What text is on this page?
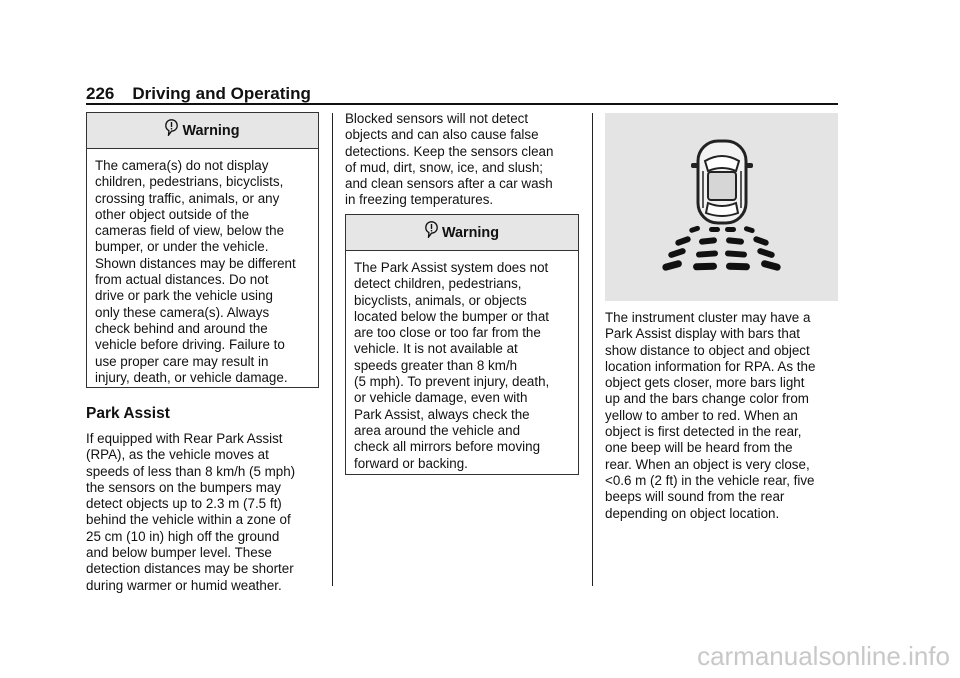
226 Driving and Operating
Warning
The camera(s) do not display
children, pedestrians, bicyclists,
crossing traffic, animals, or any
other object outside of the
cameras field of view, below the
bumper, or under the vehicle.
Shown distances may be different
from actual distances. Do not
drive or park the vehicle using
only these camera(s). Always
check behind and around the
vehicle before driving. Failure to
use proper care may result in
injury, death, or vehicle damage.
Park Assist
If equipped with Rear Park Assist
(RPA), as the vehicle moves at
speeds of less than 8 km/h (5 mph)
the sensors on the bumpers may
detect objects up to 2.3 m (7.5 ft)
behind the vehicle within a zone of
25 cm (10 in) high off the ground
and below bumper level. These
detection distances may be shorter
during warmer or humid weather.
Blocked sensors will not detect
objects and can also cause false
detections. Keep the sensors clean
of mud, dirt, snow, ice, and slush;
and clean sensors after a car wash
in freezing temperatures.
Warning
The Park Assist system does not
detect children, pedestrians,
bicyclists, animals, or objects
located below the bumper or that
are too close or too far from the
vehicle. It is not available at
speeds greater than 8 km/h
(5 mph). To prevent injury, death,
or vehicle damage, even with
Park Assist, always check the
area around the vehicle and
check all mirrors before moving
forward or backing.
The instrument cluster may have a
Park Assist display with bars that
show distance to object and object
location information for RPA. As the
object gets closer, more bars light
up and the bars change color from
yellow to amber to red. When an
object is first detected in the rear,
one beep will be heard from the
rear. When an object is very close,
<0.6 m (2 ft) in the vehicle rear, five
beeps will sound from the rear
depending on object location.
carmanualsonline.info
